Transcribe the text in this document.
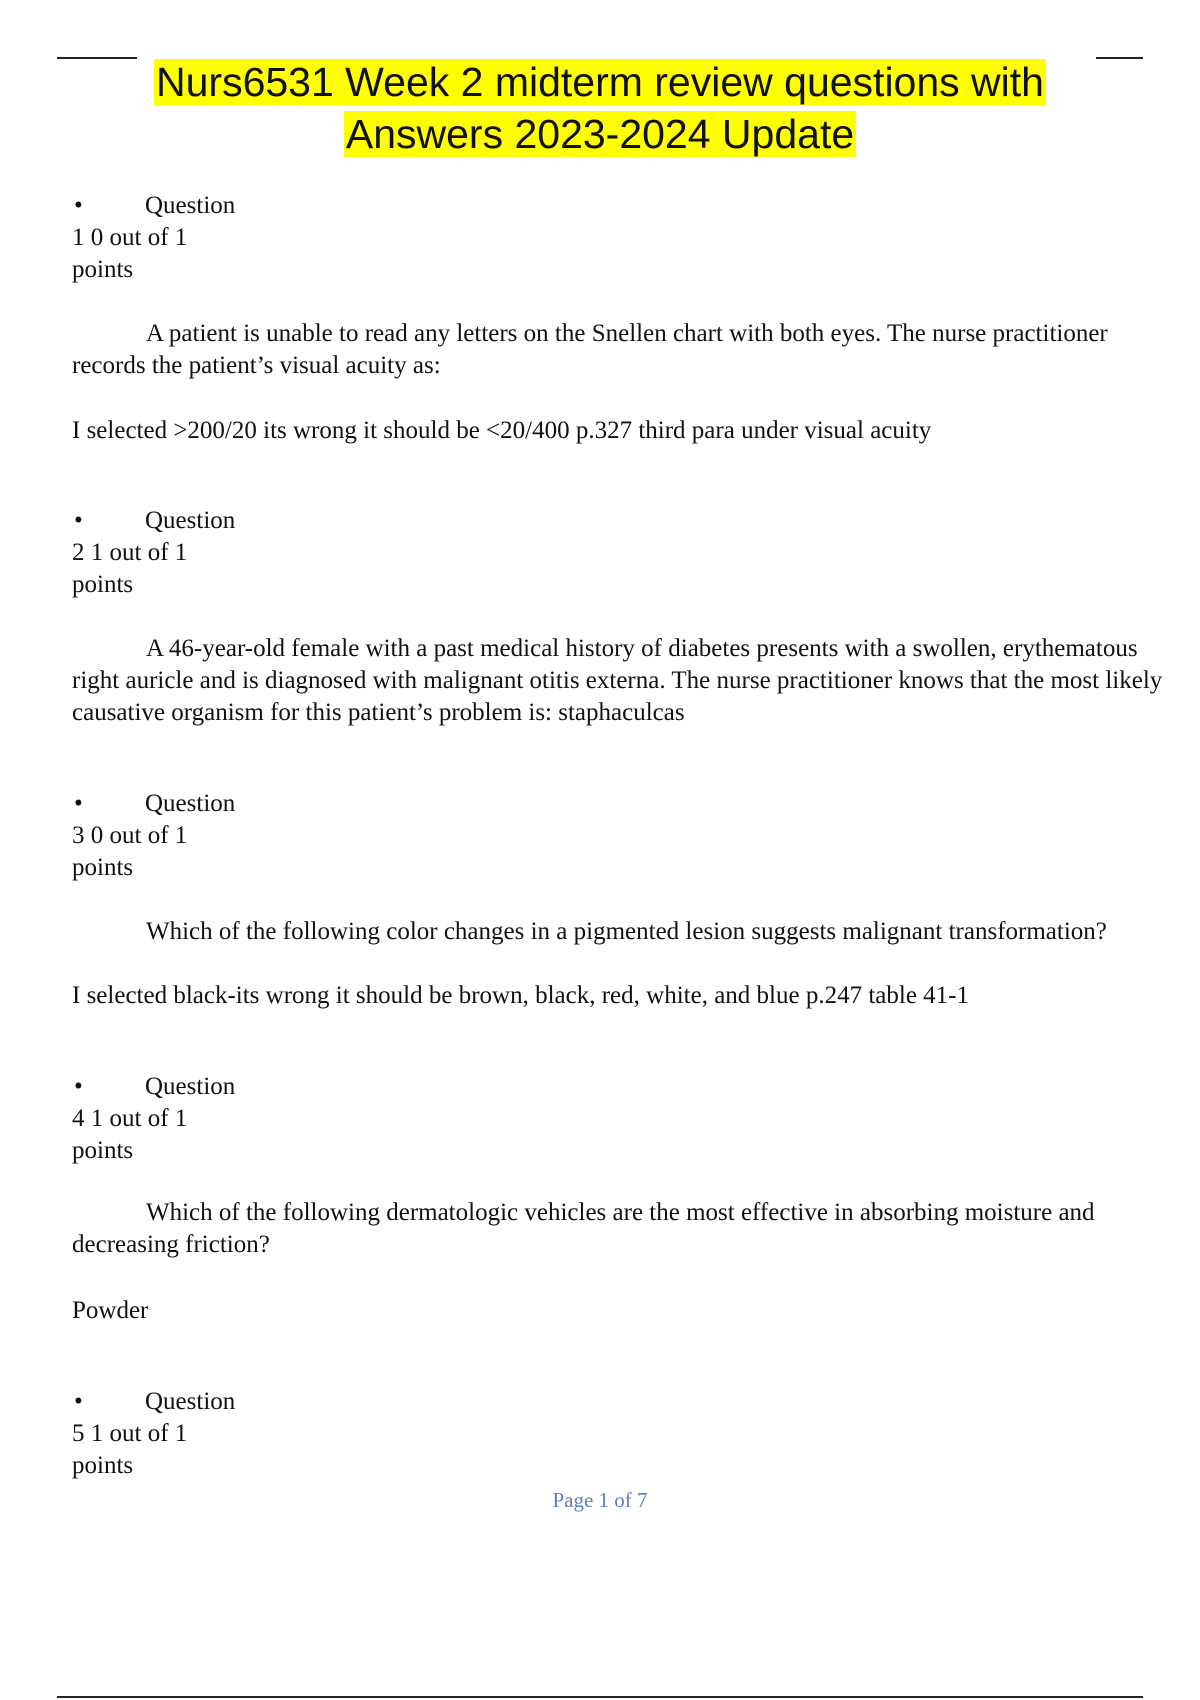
Nurs6531 Week 2 midterm review questions with
Answers 2023-2024 Update
• Question
1 0 out of 1
points

A patient is unable to read any letters on the Snellen chart with both eyes. The nurse practitioner records the patient’s visual acuity as:

I selected >200/20 its wrong it should be <20/400 p.327 third para under visual acuity

• Question
2 1 out of 1
points

A 46-year-old female with a past medical history of diabetes presents with a swollen, erythematous right auricle and is diagnosed with malignant otitis externa. The nurse practitioner knows that the most likely causative organism for this patient’s problem is: staphaculcas

• Question
3 0 out of 1
points

Which of the following color changes in a pigmented lesion suggests malignant transformation?

I selected black-its wrong it should be brown, black, red, white, and blue p.247 table 41-1

• Question
4 1 out of 1
points

Which of the following dermatologic vehicles are the most effective in absorbing moisture and decreasing friction?

Powder

• Question
5 1 out of 1
points
Page 1 of 7
